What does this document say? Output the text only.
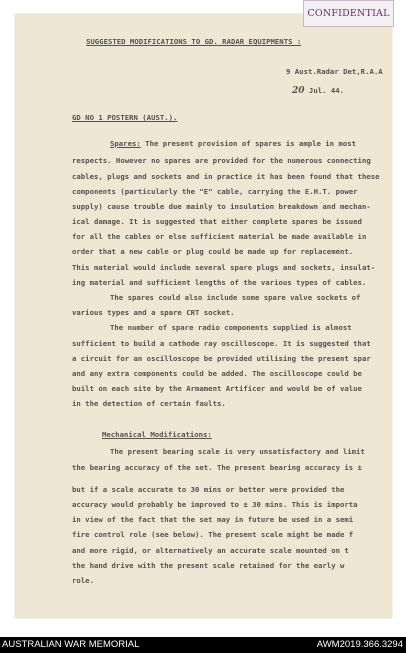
CONFIDENTIAL
SUGGESTED MODIFICATIONS TO GD. RADAR EQUIPMENTS :
9 Aust.Radar Det,R.A.A
20 Jul. 44.
GD NO 1 POSTERN (AUST.).
Spares: The present provision of spares is ample in most
respects. However no spares are provided for the numerous connecting
cables, plugs and sockets and in practice it has been found that these
components (particularly the "E" cable, carrying the E.H.T. power
supply) cause trouble due mainly to insulation breakdown and mechan-
ical damage. It is suggested that either complete spares be issued
for all the cables or else sufficient material be made available in
order that a new cable or plug could be made up for replacement.
This material would include several spare plugs and sockets, insulat-
ing material and sufficient lengths of the various types of cables.
The spares could also include some spare valve sockets of
various types and a spare CRT socket.
The number of spare radio components supplied is almost
sufficient to build a cathode ray oscilloscope. It is suggested that
a circuit for an oscilloscope be provided utilising the present spar
and any extra components could be added. The oscilloscope could be
built on each site by the Armament Artificer and would be of value
in the detection of certain faults.
Mechanical Modifications:
The present bearing scale is very unsatisfactory and limit
the bearing accuracy of the set. The present bearing accuracy is ±
but if a scale accurate to 30 mins or better were provided the
accuracy would probably be improved to ± 30 mins. This is importa
in view of the fact that the set may in future be used in a semi
fire control role (see below). The present scale might be made f
and more rigid, or alternatively an accurate scale mounted on t
the hand drive with the present scale retained for the early w
role.
AUSTRALIAN WAR MEMORIAL	AWM2019.366.3294
